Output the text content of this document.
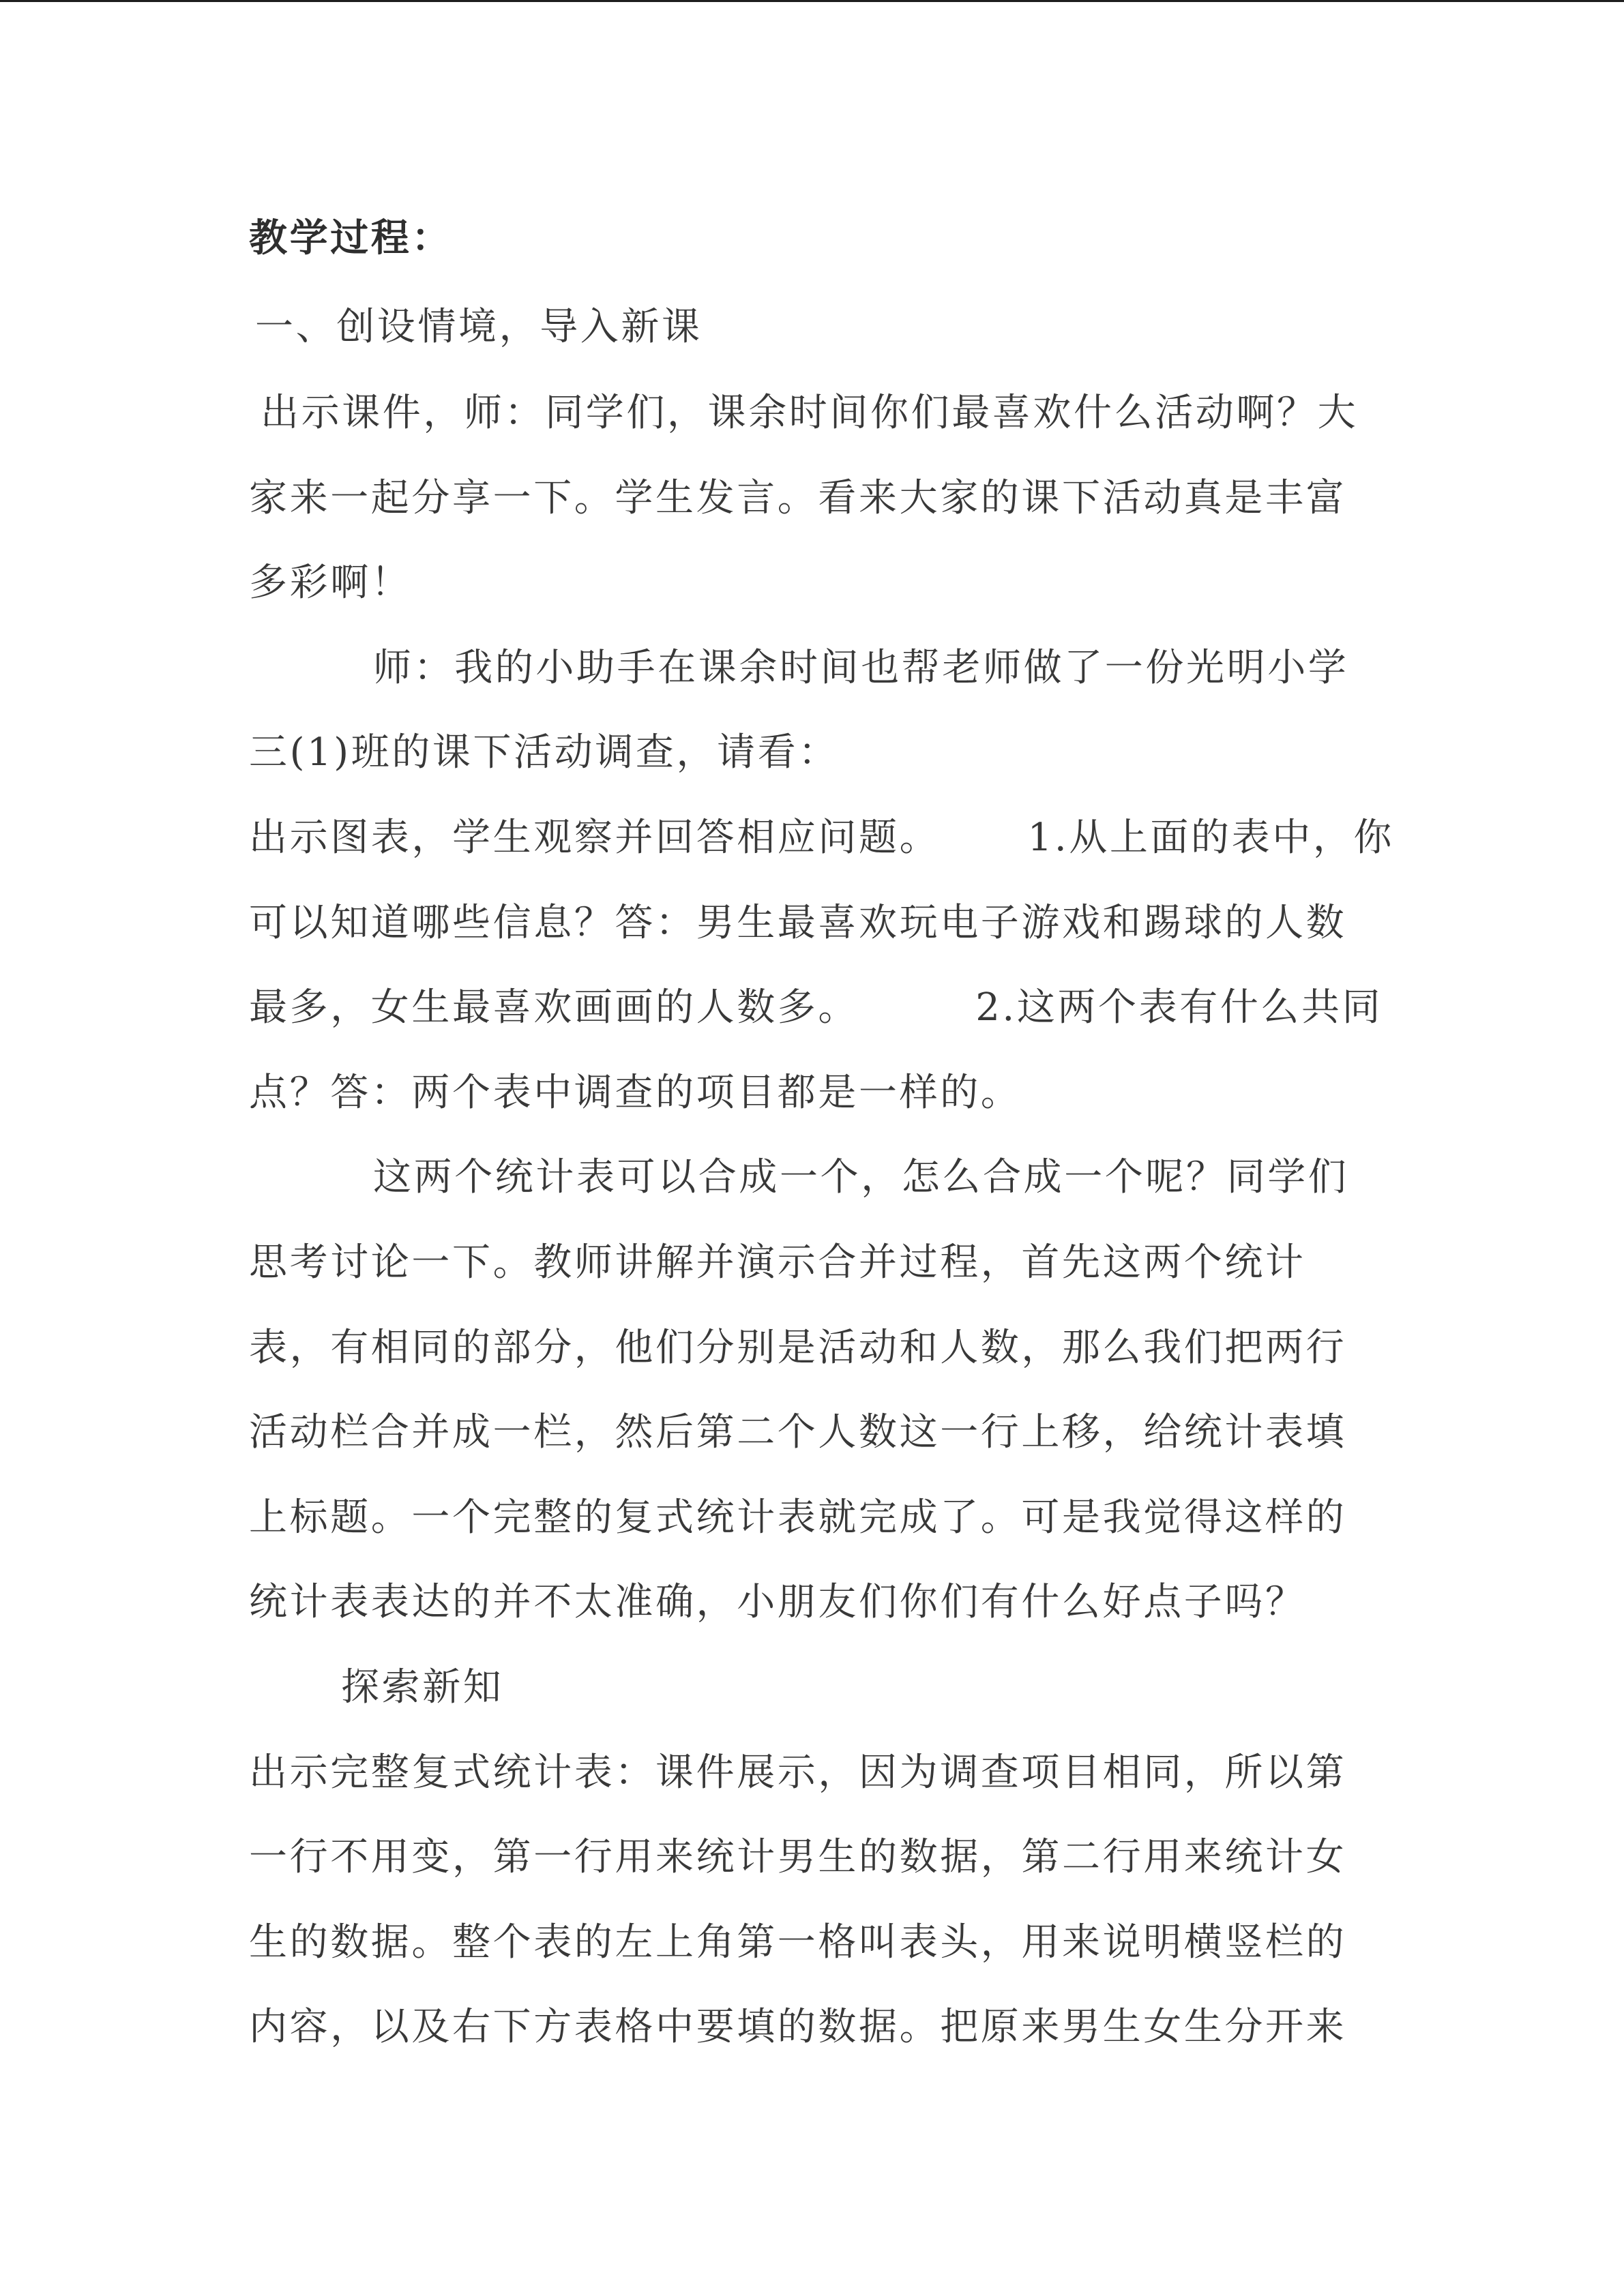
教学过程：
一、创设情境，导入新课
出示课件，师：同学们，课余时间你们最喜欢什么活动啊？大
家来一起分享一下。学生发言。看来大家的课下活动真是丰富
多彩啊！
师：我的小助手在课余时间也帮老师做了一份光明小学
三(1)班的课下活动调查，请看：
出示图表，学生观察并回答相应问题。      1.从上面的表中，你
可以知道哪些信息？答：男生最喜欢玩电子游戏和踢球的人数
最多，女生最喜欢画画的人数多。        2.这两个表有什么共同
点？答：两个表中调查的项目都是一样的。
这两个统计表可以合成一个，怎么合成一个呢？同学们
思考讨论一下。教师讲解并演示合并过程，首先这两个统计
表，有相同的部分，他们分别是活动和人数，那么我们把两行
活动栏合并成一栏，然后第二个人数这一行上移，给统计表填
上标题。一个完整的复式统计表就完成了。可是我觉得这样的
统计表表达的并不太准确，小朋友们你们有什么好点子吗？
探索新知
出示完整复式统计表：课件展示，因为调查项目相同，所以第
一行不用变，第一行用来统计男生的数据，第二行用来统计女
生的数据。整个表的左上角第一格叫表头，用来说明横竖栏的
内容，以及右下方表格中要填的数据。把原来男生女生分开来
